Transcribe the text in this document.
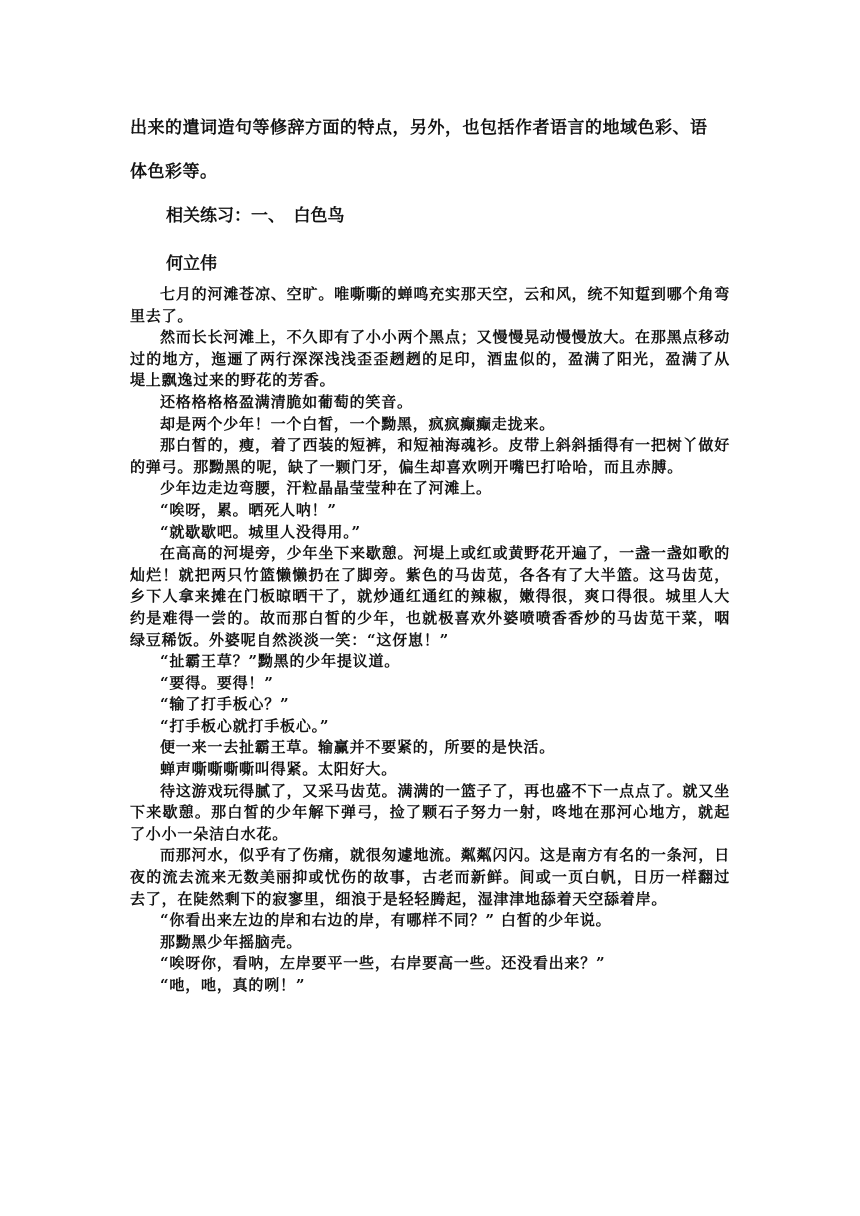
出来的遣词造句等修辞方面的特点，另外，也包括作者语言的地域色彩、语
体色彩等。
相关练习：一、　白色鸟
何立伟

七月的河滩苍凉、空旷。唯嘶嘶的蝉鸣充实那天空，云和风，统不知踅到哪个角弯里去了。

然而长长河滩上，不久即有了小小两个黑点；又慢慢晃动慢慢放大。在那黑点移动过的地方，迤逦了两行深深浅浅歪歪趔趔的足印，酒盅似的，盈满了阳光，盈满了从堤上飘逸过来的野花的芳香。

还格格格格盈满清脆如葡萄的笑音。

却是两个少年！一个白皙，一个黝黑，疯疯癫癫走拢来。

那白皙的，瘦，着了西装的短裤，和短袖海魂衫。皮带上斜斜插得有一把树丫做好的弹弓。那黝黑的呢，缺了一颗门牙，偏生却喜欢咧开嘴巴打哈哈，而且赤膊。

少年边走边弯腰，汗粒晶晶莹莹种在了河滩上。

“唉呀，累。晒死人呐！”

“就歇歇吧。城里人没得用。”

在高高的河堤旁，少年坐下来歇憩。河堤上或红或黄野花开遍了，一盏一盏如歌的灿烂！就把两只竹篮懒懒扔在了脚旁。紫色的马齿苋，各各有了大半篮。这马齿苋，乡下人拿来摊在门板晾晒干了，就炒通红通红的辣椒，嫩得很，爽口得很。城里人大约是难得一尝的。故而那白皙的少年，也就极喜欢外婆喷喷香香炒的马齿苋干菜，咽绿豆稀饭。外婆呢自然淡淡一笑：“这伢崽！”

“扯霸王草？”黝黑的少年提议道。

“要得。要得！”

“输了打手板心？”

“打手板心就打手板心。”

便一来一去扯霸王草。输赢并不要紧的，所要的是快活。

蝉声嘶嘶嘶嘶叫得紧。太阳好大。

待这游戏玩得腻了，又采马齿苋。满满的一篮子了，再也盛不下一点点了。就又坐下来歇憩。那白皙的少年解下弹弓，捡了颗石子努力一射，咚地在那河心地方，就起了小小一朵洁白水花。

而那河水，似乎有了伤痛，就很匆遽地流。粼粼闪闪。这是南方有名的一条河，日夜的流去流来无数美丽抑或忧伤的故事，古老而新鲜。间或一页白帆，日历一样翻过去了，在陡然剩下的寂寥里，细浪于是轻轻腾起，湿津津地舔着天空舔着岸。

“你看出来左边的岸和右边的岸，有哪样不同？” 白皙的少年说。

那黝黑少年摇脑壳。

“唉呀你，看呐，左岸要平一些，右岸要高一些。还没看出来？”

“吔，吔，真的咧！”
